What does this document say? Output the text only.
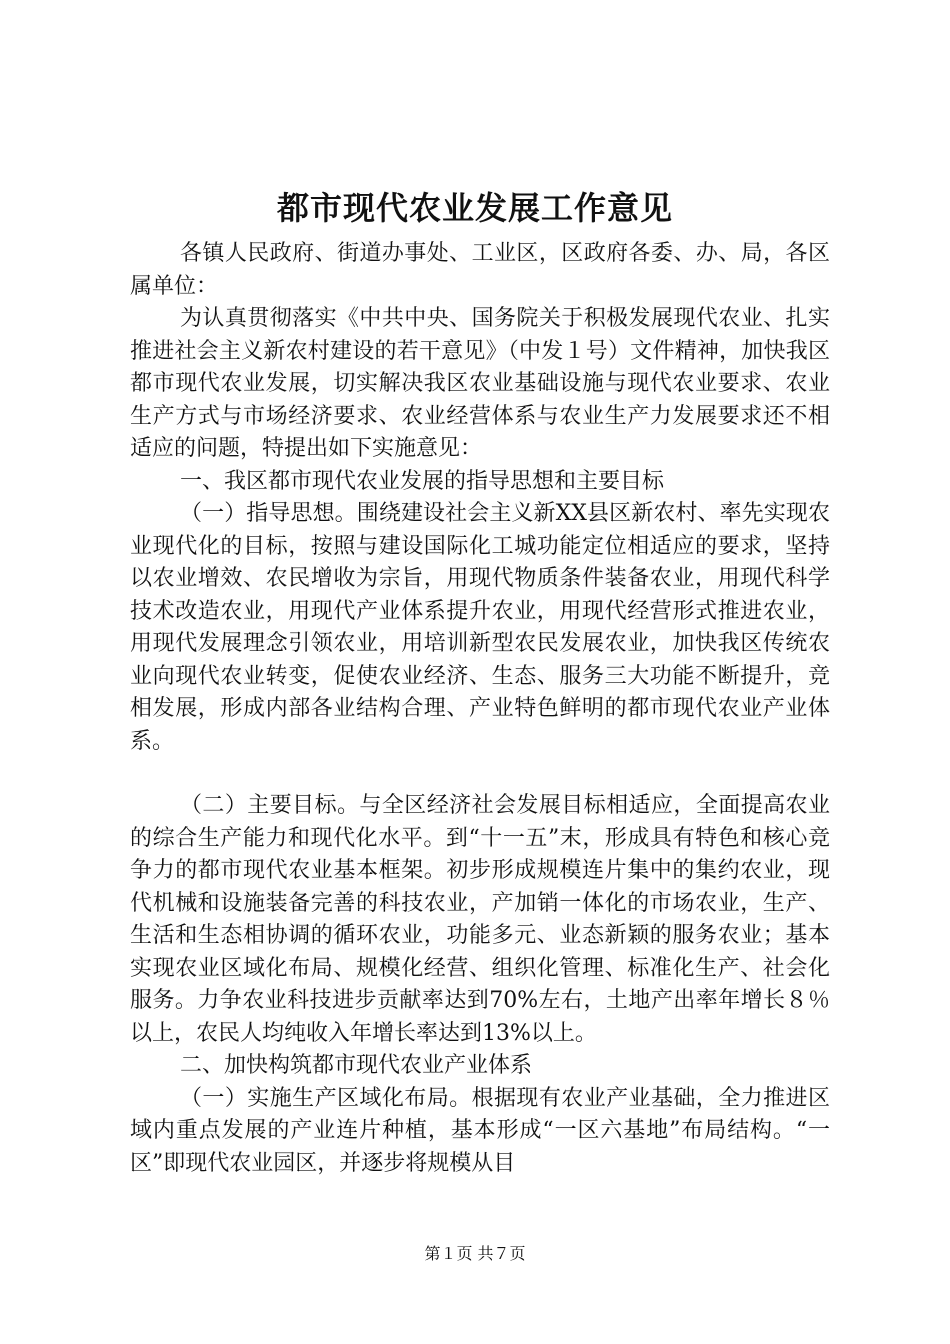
都市现代农业发展工作意见

各镇人民政府、街道办事处、工业区，区政府各委、办、局，各区属单位：

为认真贯彻落实《中共中央、国务院关于积极发展现代农业、扎实推进社会主义新农村建设的若干意见》（中发１号）文件精神，加快我区都市现代农业发展，切实解决我区农业基础设施与现代农业要求、农业生产方式与市场经济要求、农业经营体系与农业生产力发展要求还不相适应的问题，特提出如下实施意见：

一、我区都市现代农业发展的指导思想和主要目标

（一）指导思想。围绕建设社会主义新XX县区新农村、率先实现农业现代化的目标，按照与建设国际化工城功能定位相适应的要求，坚持以农业增效、农民增收为宗旨，用现代物质条件装备农业，用现代科学技术改造农业，用现代产业体系提升农业，用现代经营形式推进农业，用现代发展理念引领农业，用培训新型农民发展农业，加快我区传统农业向现代农业转变，促使农业经济、生态、服务三大功能不断提升，竞相发展，形成内部各业结构合理、产业特色鲜明的都市现代农业产业体系。

（二）主要目标。与全区经济社会发展目标相适应，全面提高农业的综合生产能力和现代化水平。到“十一五”末，形成具有特色和核心竞争力的都市现代农业基本框架。初步形成规模连片集中的集约农业，现代机械和设施装备完善的科技农业，产加销一体化的市场农业，生产、生活和生态相协调的循环农业，功能多元、业态新颖的服务农业；基本实现农业区域化布局、规模化经营、组织化管理、标准化生产、社会化服务。力争农业科技进步贡献率达到70%左右，土地产出率年增长８％以上，农民人均纯收入年增长率达到13%以上。

二、加快构筑都市现代农业产业体系

（一）实施生产区域化布局。根据现有农业产业基础，全力推进区域内重点发展的产业连片种植，基本形成“一区六基地”布局结构。“一区”即现代农业园区，并逐步将规模从目

第１页 共７页
